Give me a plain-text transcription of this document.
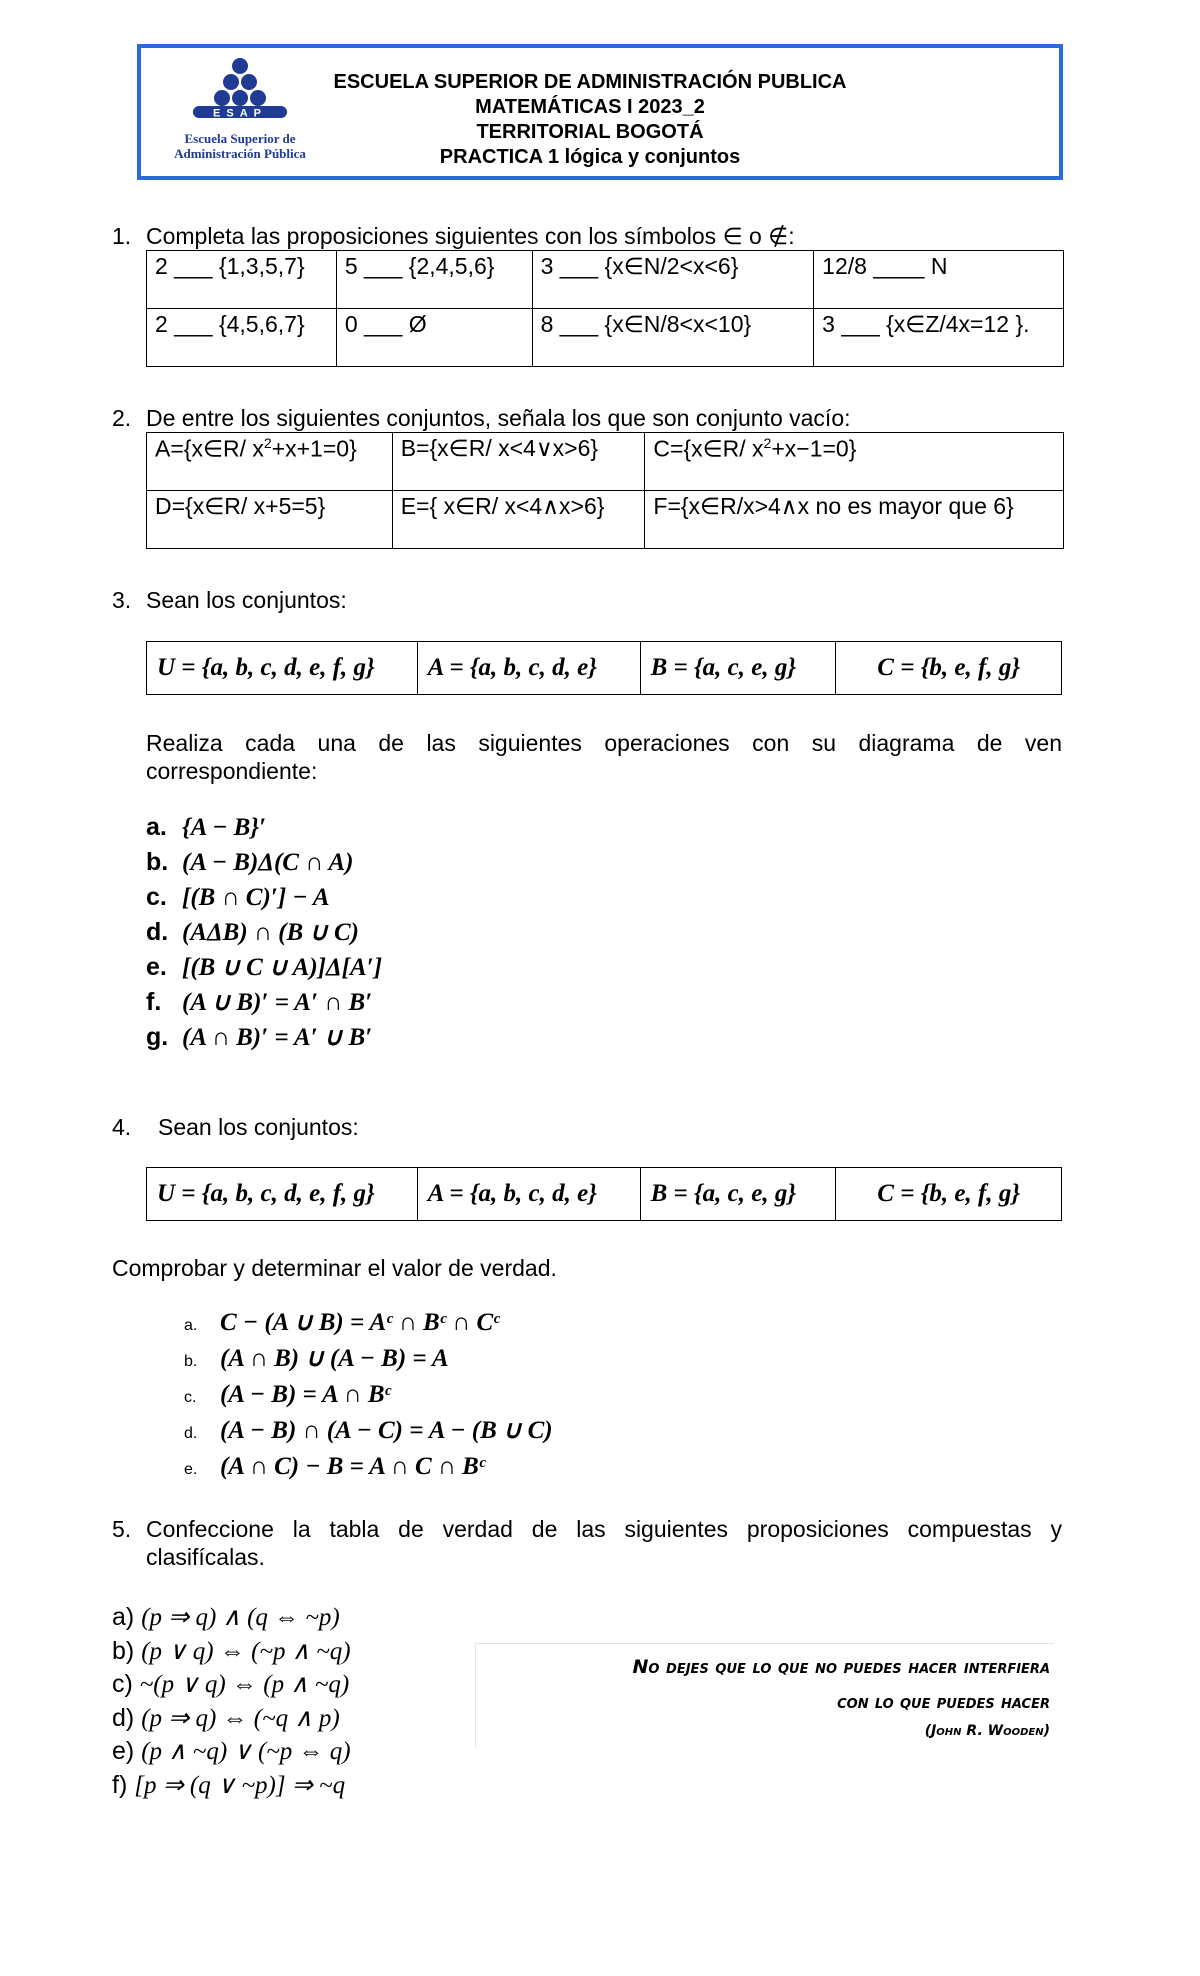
ESAP
Escuela Superior de
Administración Pública
ESCUELA SUPERIOR DE ADMINISTRACIÓN PUBLICA
MATEMÁTICAS I 2023_2
TERRITORIAL BOGOTÁ
PRACTICA 1 lógica y conjuntos
1. Completa las proposiciones siguientes con los símbolos ∈ o ∉:
2 ___ {1,3,5,7}	5 ___ {2,4,5,6}	3 ___ {x∈N/2<x<6}	12/8 ____ N
2 ___ {4,5,6,7}	0 ___ Ø	8 ___ {x∈N/8<x<10}	3 ___ {x∈Z/4x=12 }.
2. De entre los siguientes conjuntos, señala los que son conjunto vacío:
A={x∈R/ $x^2+x+1=0$}	B={x∈R/ x<4∨x>6}	C={x∈R/ $x^2+x-1=0$}
D={x∈R/ x+5=5}	E={ x∈R/ x<4∧x>6}	F={x∈R/x>4∧x no es mayor que 6}
3. Sean los conjuntos:
U = {a, b, c, d, e, f, g}	A = {a, b, c, d, e}	B = {a, c, e, g}	C = {b, e, f, g}
Realiza cada una de las siguientes operaciones con su diagrama de ven
correspondiente:
a. {A − B}′
b. (A − B)Δ(C ∩ A)
c. [(B ∩ C)′] − A
d. (AΔB) ∩ (B ∪ C)
e. [(B ∪ C ∪ A)]Δ[A′]
f. (A ∪ B)′ = A′ ∩ B′
g. (A ∩ B)′ = A′ ∪ B′
4. Sean los conjuntos:
U = {a, b, c, d, e, f, g}	A = {a, b, c, d, e}	B = {a, c, e, g}	C = {b, e, f, g}
Comprobar y determinar el valor de verdad.
a. C − (A ∪ B) = Aᶜ ∩ Bᶜ ∩ Cᶜ
b. (A ∩ B) ∪ (A − B) = A
c. (A − B) = A ∩ Bᶜ
d. (A − B) ∩ (A − C) = A − (B ∪ C)
e. (A ∩ C) − B = A ∩ C ∩ Bᶜ
5. Confeccione la tabla de verdad de las siguientes proposiciones compuestas y
clasifícalas.
a) (p ⇒ q) ∧ (q ⇔ ~p)
b) (p ∨ q) ⇔ (~p ∧ ~q)
c) ~(p ∨ q) ⇔ (p ∧ ~q)
d) (p ⇒ q) ⇔ (~q ∧ p)
e) (p ∧ ~q) ∨ (~p ⇔ q)
f) [p ⇒ (q ∨ ~p)] ⇒ ~q
No dejes que lo que no puedes hacer interfiera
con lo que puedes hacer
(John R. Wooden)
